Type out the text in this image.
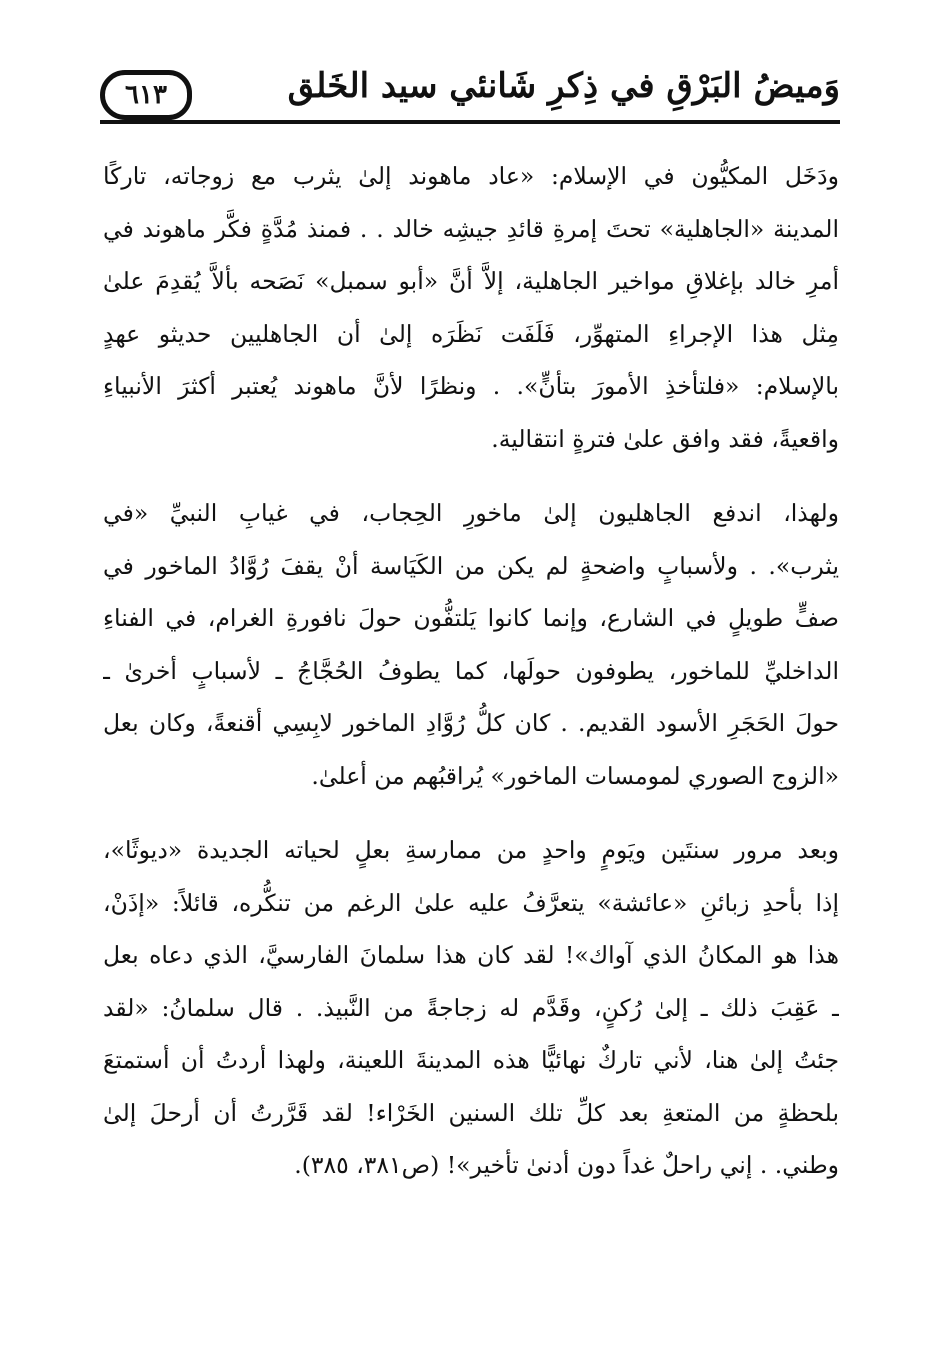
وَميضُ البَرْقِ في ذِكرِ شَانئي سيد الخَلق
٦١٣
ودَخَل المكيُّون في الإسلام: «عاد ماهوند إلىٰ يثرب مع زوجاته، تاركًا
المدينة «الجاهلية» تحتَ إمرةِ قائدِ جيشِه خالد . . فمنذ مُدَّةٍ فكَّر ماهوند في
أمرِ خالد بإغلاقِ مواخير الجاهلية، إلاَّ أنَّ «أبو سمبل» نَصَحه بألاَّ يُقدِمَ علىٰ
مِثل هذا الإجراءِ المتهوِّر، فَلَفَت نَظَرَه إلىٰ أن الجاهليين حديثو عهدٍ
بالإسلام: «فلتأخذِ الأمورَ بتأنٍّ». . ونظرًا لأنَّ ماهوند يُعتبر أكثرَ الأنبياءِ
واقعيةً، فقد وافق علىٰ فترةٍ انتقالية.
ولهذا، اندفع الجاهليون إلىٰ ماخورِ الحِجاب، في غيابِ النبيِّ «في
يثرب». . ولأسبابٍ واضحةٍ لم يكن من الكَيَاسة أنْ يقفَ رُوَّادُ الماخور في
صفٍّ طويلٍ في الشارع، وإنما كانوا يَلتفُّون حولَ نافورةِ الغرام، في الفناءِ
الداخليِّ للماخور، يطوفون حولَها، كما يطوفُ الحُجَّاجُ ـ لأسبابٍ أخرىٰ ـ
حولَ الحَجَرِ الأسود القديم. . كان كلُّ رُوَّادِ الماخور لابِسِي أقنعةً، وكان بعل
«الزوج الصوري لمومسات الماخور» يُراقبُهم من أعلىٰ.
وبعد مرور سنتَين ويَومٍ واحدٍ من ممارسةِ بعلٍ لحياته الجديدة «ديوثًا»،
إذا بأحدِ زبائنِ «عائشة» يتعرَّفُ عليه علىٰ الرغم من تنكُّره، قائلاً: «إذَنْ،
هذا هو المكانُ الذي آواك»! لقد كان هذا سلمانَ الفارسيَّ، الذي دعاه بعل
ـ عَقِبَ ذلك ـ إلىٰ رُكنٍ، وقَدَّم له زجاجةً من النَّبيذ. . قال سلمانُ: «لقد
جئتُ إلىٰ هنا، لأني تاركٌ نهائيًّا هذه المدينةَ اللعينة، ولهذا أردتُ أن أستمتعَ
بلحظةٍ من المتعةِ بعد كلِّ تلك السنين الخَرْاء! لقد قَرَّرتُ أن أرحلَ إلىٰ
وطني. . إني راحلٌ غداً دون أدنىٰ تأخير»! (ص٣٨١، ٣٨٥).
